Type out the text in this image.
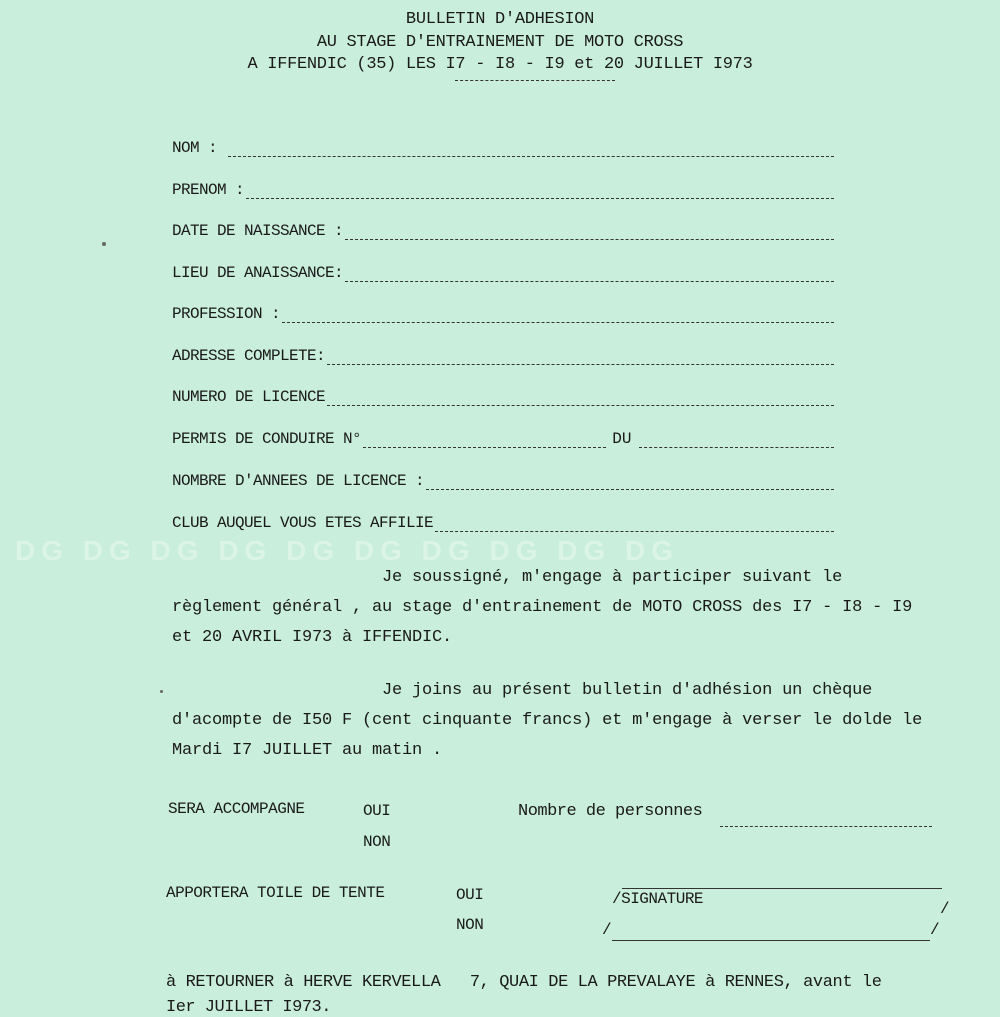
DG DG DG DG DG DG DG DG DG DG
BULLETIN D'ADHESION
AU STAGE D'ENTRAINEMENT DE MOTO CROSS
A IFFENDIC (35) LES I7 - I8 - I9 et 20 JUILLET I973
NOM :
PRENOM :
DATE DE NAISSANCE :
LIEU DE ANAISSANCE:
PROFESSION :
ADRESSE COMPLETE:
NUMERO DE LICENCE
PERMIS DE CONDUIRE N°	DU
NOMBRE D'ANNEES DE LICENCE :
CLUB AUQUEL VOUS ETES AFFILIE
Je soussigné, m'engage à participer suivant le règlement général , au stage d'entrainement de MOTO CROSS des I7 - I8 - I9 et 20 AVRIL I973 à IFFENDIC.
Je joins au présent bulletin d'adhésion un chèque d'acompte de I50 F (cent cinquante francs) et m'engage à verser le dolde le Mardi I7 JUILLET au matin .
SERA ACCOMPAGNE	OUI
NON
Nombre de personnes
APPORTERA TOILE DE TENTE	OUI
NON
/SIGNATURE
/
/	/
à RETOURNER à HERVE KERVELLA   7, QUAI DE LA PREVALAYE à RENNES, avant le
Ier JUILLET I973.
